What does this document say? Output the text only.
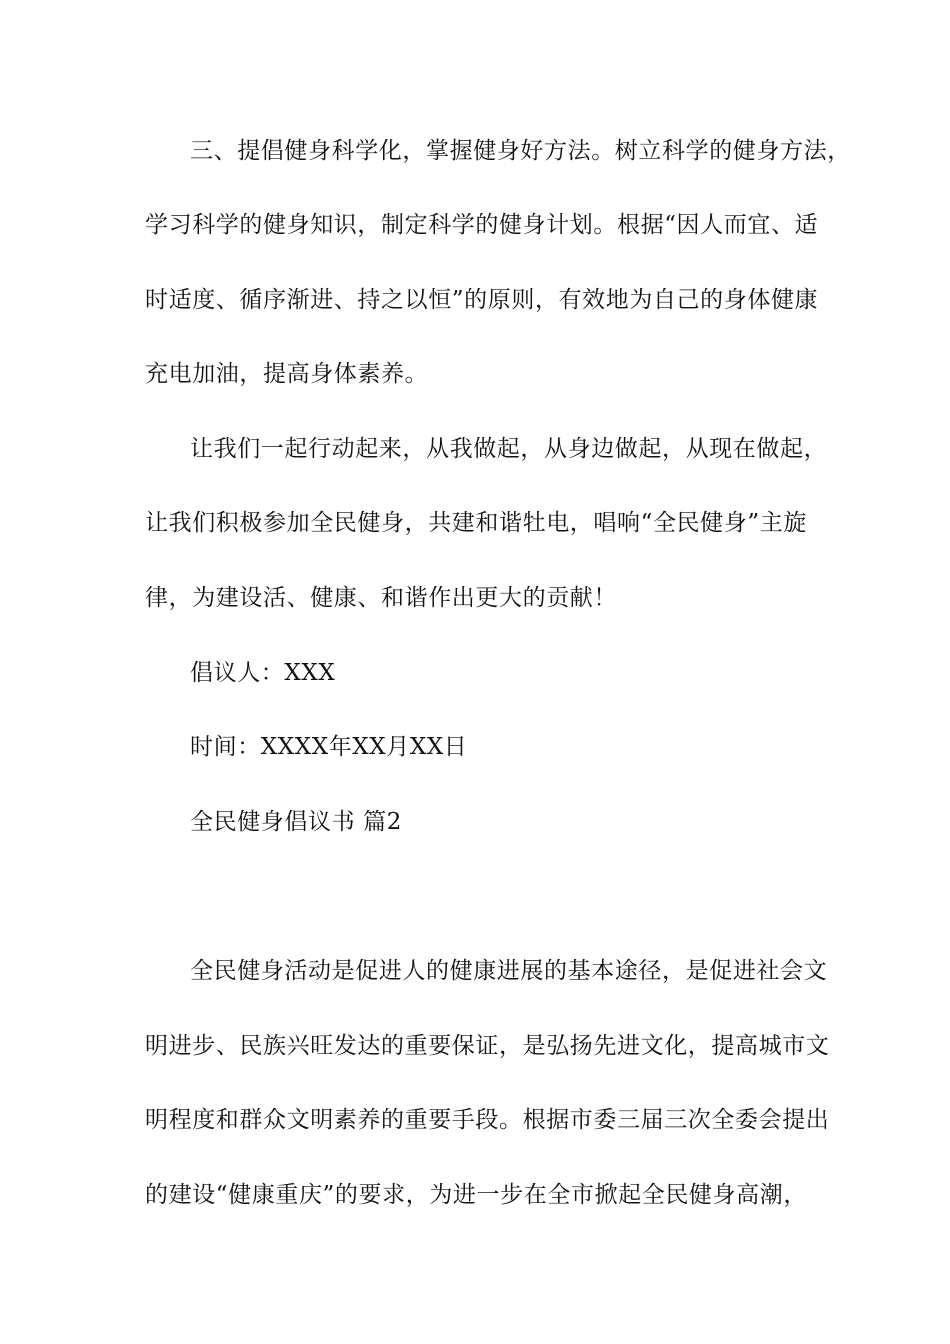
三、提倡健身科学化，掌握健身好方法。树立科学的健身方法，
学习科学的健身知识，制定科学的健身计划。根据“因人而宜、适
时适度、循序渐进、持之以恒”的原则，有效地为自己的身体健康
充电加油，提高身体素养。
让我们一起行动起来，从我做起，从身边做起，从现在做起，
让我们积极参加全民健身，共建和谐牡电，唱响“全民健身”主旋
律，为建设活、健康、和谐作出更大的贡献！
倡议人：XXX
时间：XXXX年XX月XX日
全民健身倡议书 篇2
全民健身活动是促进人的健康进展的基本途径，是促进社会文
明进步、民族兴旺发达的重要保证，是弘扬先进文化，提高城市文
明程度和群众文明素养的重要手段。根据市委三届三次全委会提出
的建设“健康重庆”的要求，为进一步在全市掀起全民健身高潮，
